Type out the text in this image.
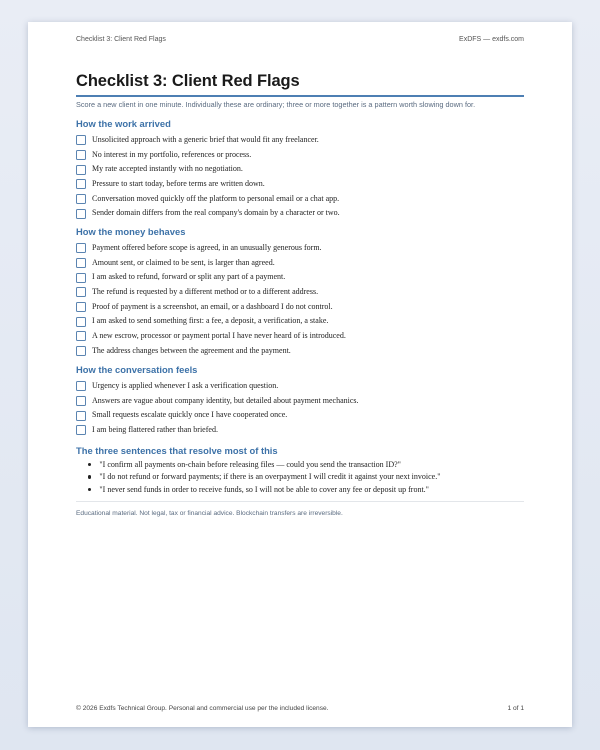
Checklist 3: Client Red Flags	ExDFS — exdfs.com
Checklist 3: Client Red Flags
Score a new client in one minute. Individually these are ordinary; three or more together is a pattern worth slowing down for.
How the work arrived
Unsolicited approach with a generic brief that would fit any freelancer.
No interest in my portfolio, references or process.
My rate accepted instantly with no negotiation.
Pressure to start today, before terms are written down.
Conversation moved quickly off the platform to personal email or a chat app.
Sender domain differs from the real company's domain by a character or two.
How the money behaves
Payment offered before scope is agreed, in an unusually generous form.
Amount sent, or claimed to be sent, is larger than agreed.
I am asked to refund, forward or split any part of a payment.
The refund is requested by a different method or to a different address.
Proof of payment is a screenshot, an email, or a dashboard I do not control.
I am asked to send something first: a fee, a deposit, a verification, a stake.
A new escrow, processor or payment portal I have never heard of is introduced.
The address changes between the agreement and the payment.
How the conversation feels
Urgency is applied whenever I ask a verification question.
Answers are vague about company identity, but detailed about payment mechanics.
Small requests escalate quickly once I have cooperated once.
I am being flattered rather than briefed.
The three sentences that resolve most of this
"I confirm all payments on-chain before releasing files — could you send the transaction ID?"
"I do not refund or forward payments; if there is an overpayment I will credit it against your next invoice."
"I never send funds in order to receive funds, so I will not be able to cover any fee or deposit up front."
Educational material. Not legal, tax or financial advice. Blockchain transfers are irreversible.
© 2026 Exdfs Technical Group. Personal and commercial use per the included license.	1 of 1
